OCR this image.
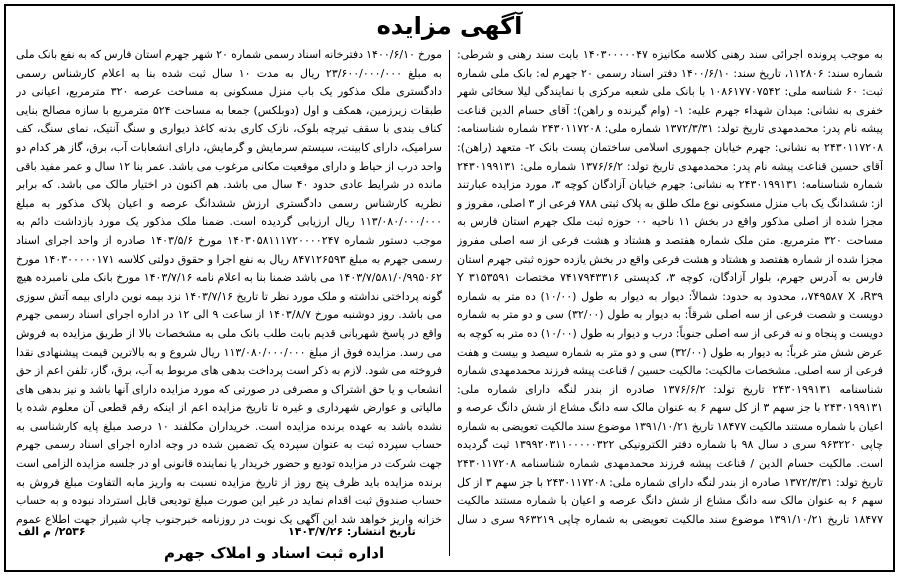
آگهی مزایده

به موجب پرونده اجرائی سند رهنی کلاسه مکانیزه ۱۴۰۳۰۰۰۰۰۴۷ بابت سند رهنی و شرطی: شماره سند: ۱۱۲۸۰۶، تاریخ سند: ۱۴۰۰/۶/۱۰ دفتر اسناد رسمی ۲۰ جهرم له: بانک ملی شماره ثبت: ۶۰ شناسه ملی: ۱۰۸۶۱۷۷۰۷۵۴۲ با بانک ملی شعبه مرکزی با نمایندگی لیلا سخائی شهر خفری به نشانی: میدان شهداء جهرم علیه: ۱- (وام گیرنده و راهن): آقای حسام الدین قناعت پیشه نام پدر: محمدمهدی تاریخ تولد: ۱۳۷۲/۳/۳۱ شماره ملی: ۲۴۳۰۱۱۷۲۰۸ شماره شناسنامه: ۲۴۳۰۱۱۷۲۰۸ به نشانی: جهرم خیابان جمهوری اسلامی ساختمان پست بانک ۲- متعهد (راهن): آقای حسین قناعت پیشه نام پدر: محمدمهدی تاریخ تولد: ۱۳۷۶/۶/۲ شماره ملی: ۲۴۳۰۱۹۹۱۳۱ شماره شناسنامه: ۲۴۳۰۱۹۹۱۳۱ به نشانی: جهرم خیابان آزادگان کوچه ۳، مورد مزایده عبارتند از: ششدانگ یک باب منزل مسکونی نوع ملک طلق به پلاک ثبتی ۷۸۸ فرعی از ۳ اصلی، مفروز و مجزا شده از اصلی مذکور واقع در بخش ۱۱ ناحیه ۰۰ حوزه ثبت ملک جهرم استان فارس به مساحت ۳۲۰ مترمربع. متن ملک شماره هفتصد و هشتاد و هشت فرعی از سه اصلی مفروز مجزا شده از شماره هفتصد و هشتاد و هشت فرعی واقع در بخش یازده حوزه ثبتی جهرم استان فارس به آدرس جهرم، بلوار آزادگان، کوچه ۳، کدپستی ۷۴۱۷۹۴۳۳۱۶ مختصات ۳۱۵۳۵۹۱ Y ،۷۴۹۵۸۷ X ،R۳۹، محدود به حدود: شمالاً: دیوار به دیوار به طول (۱۰/۰۰) ده متر به شماره دویست و شصت فرعی از سه اصلی شرقاً: به دیوار به طول (۳۲/۰۰) سی و دو متر به شماره دویست و پنجاه و نه فرعی از سه اصلی جنوباً: درب و دیوار به طول (۱۰/۰۰) ده متر به کوچه به عرض شش متر غرباً: به دیوار به طول (۳۲/۰۰) سی و دو متر به شماره سیصد و بیست و هفت فرعی از سه اصلی. مشخصات مالکیت: مالکیت حسین / قناعت پیشه فرزند محمدمهدی شماره شناسنامه ۲۴۳۰۱۹۹۱۳۱ تاریخ تولد: ۱۳۷۶/۶/۲ صادره از بندر لنگه دارای شماره ملی: ۲۴۳۰۱۹۹۱۳۱ با جز سهم ۳ از کل سهم ۶ به عنوان مالک سه دانگ مشاع از شش دانگ عرصه و اعیان با شماره مستند مالکیت ۱۸۴۷۷ تاریخ ۱۳۹۱/۱۰/۲۱ موضوع سند مالکیت تعویضی به شماره چاپی ۹۶۳۲۲۰ سری د سال ۹۸ با شماره دفتر الکترونیکی ۱۳۹۹۲۰۳۱۱۰۰۰۰۰۳۲۲ ثبت گردیده است. مالکیت حسام الدین / قناعت پیشه فرزند محمدمهدی شماره شناسنامه ۲۴۳۰۱۱۷۲۰۸ تاریخ تولد: ۱۳۷۲/۳/۳۱ صادره از بندر لنگه دارای شماره ملی: ۲۴۳۰۱۱۷۲۰۸ با جز سهم ۳ از کل سهم ۶ به عنوان مالک سه دانگ مشاع از شش دانگ عرصه و اعیان با شماره مستند مالکیت ۱۸۴۷۷ تاریخ ۱۳۹۱/۱۰/۲۱ موضوع سند مالکیت تعویضی به شماره چاپی ۹۶۳۲۱۹ سری د سال

مورخ ۱۴۰۰/۶/۱۰ دفترخانه اسناد رسمی شماره ۲۰ شهر جهرم استان فارس که به نفع بانک ملی به مبلغ ۲۳/۶۰۰/۰۰۰/۰۰۰ ریال به مدت ۱۰ سال ثبت شده بنا به اعلام کارشناس رسمی دادگستری ملک مذکور یک باب منزل مسکونی به مساحت عرصه ۳۲۰ مترمربع، اعیانی در طبقات زیرزمین، همکف و اول (دوبلکس) جمعا به مساحت ۵۲۴ مترمربع با سازه مصالح بنایی کناف بندی با سقف تیرچه بلوک، نازک کاری بدنه کاغذ دیواری و سنگ آنتیک، نمای سنگ، کف سرامیک، دارای کابینت، سیستم سرمایش و گرمایش، دارای انشعابات آب، برق، گاز هر کدام دو واحد درب از حیاط و دارای موقعیت مکانی مرغوب می باشد. عمر بنا ۱۲ سال و عمر مفید باقی مانده در شرایط عادی حدود ۴۰ سال می باشد. هم اکنون در اختیار مالک می باشد. که برابر نظریه کارشناس رسمی دادگستری ارزش ششدانگ عرصه و اعیان پلاک مذکور به مبلغ ۱۱۳/۰۸۰/۰۰۰/۰۰۰ ریال ارزیابی گردیده است. ضمنا ملک مذکور یک مورد بازداشت دائم به موجب دستور شماره ۱۴۰۳۰۵۸۱۱۱۷۲۰۰۰۰۲۴۷ مورخ ۱۴۰۳/۵/۶ صادره از واحد اجرای اسناد رسمی جهرم به مبلغ ۸۴۷۱۲۶۵۹۳ ریال به نفع اجرا و حقوق دولتی کلاسه ۱۴۰۳۰۰۰۰۰۱۷۱ مورخ ۱۴۰۳/۷/۵۸۱/۰/۹۹۵۰۶۲ می باشد ضمنا بنا به اعلام نامه ۱۴۰۳/۷/۱۶ مورخ بانک ملی نامبرده هیچ گونه پرداختی نداشته و ملک مورد نظر تا تاریخ ۱۴۰۳/۷/۱۶ نزد بیمه نوین دارای بیمه آتش سوزی می باشد. روز دوشنبه مورخ ۱۴۰۳/۸/۷ از ساعت ۹ الی ۱۲ در اداره اجرای اسناد رسمی جهرم واقع در پاسخ شهربانی قدیم بابت طلب بانک ملی به مشخصات بالا از طریق مزایده به فروش می رسد. مزایده فوق از مبلغ ۱۱۳/۰۸۰/۰۰۰/۰۰۰ ریال شروع و به بالاترین قیمت پیشنهادی نقدا فروخته می شود. لازم به ذکر است پرداخت بدهی های مربوط به آب، برق، گاز، تلفن اعم از حق انشعاب و یا حق اشتراک و مصرفی در صورتی که مورد مزایده دارای آنها باشد و نیز بدهی های مالیاتی و عوارض شهرداری و غیره تا تاریخ مزایده اعم از اینکه رقم قطعی آن معلوم شده یا نشده باشد به عهده برنده مزایده است. خریداران مکلفند ۱۰ درصد مبلغ پایه کارشناسی به حساب سپرده ثبت به عنوان سپرده یک تضمین شده در وجه اداره اجرای اسناد رسمی جهرم جهت شرکت در مزایده تودیع و حضور خریدار یا نماینده قانونی او در جلسه مزایده الزامی است برنده مزایده باید ظرف پنج روز از تاریخ مزایده نسبت به واریز مابه التفاوت مبلغ فروش به حساب صندوق ثبت اقدام نماید در غیر این صورت مبلغ تودیعی قابل استرداد نبوده و به حساب خزانه واریز خواهد شد این آگهی یک نوبت در روزنامه خبرجنوب چاپ شیراز جهت اطلاع عموم

تاریخ انتشار: ۱۴۰۳/۷/۲۶
۲۵۳۶/ م الف
اداره ثبت اسناد و املاک جهرم
